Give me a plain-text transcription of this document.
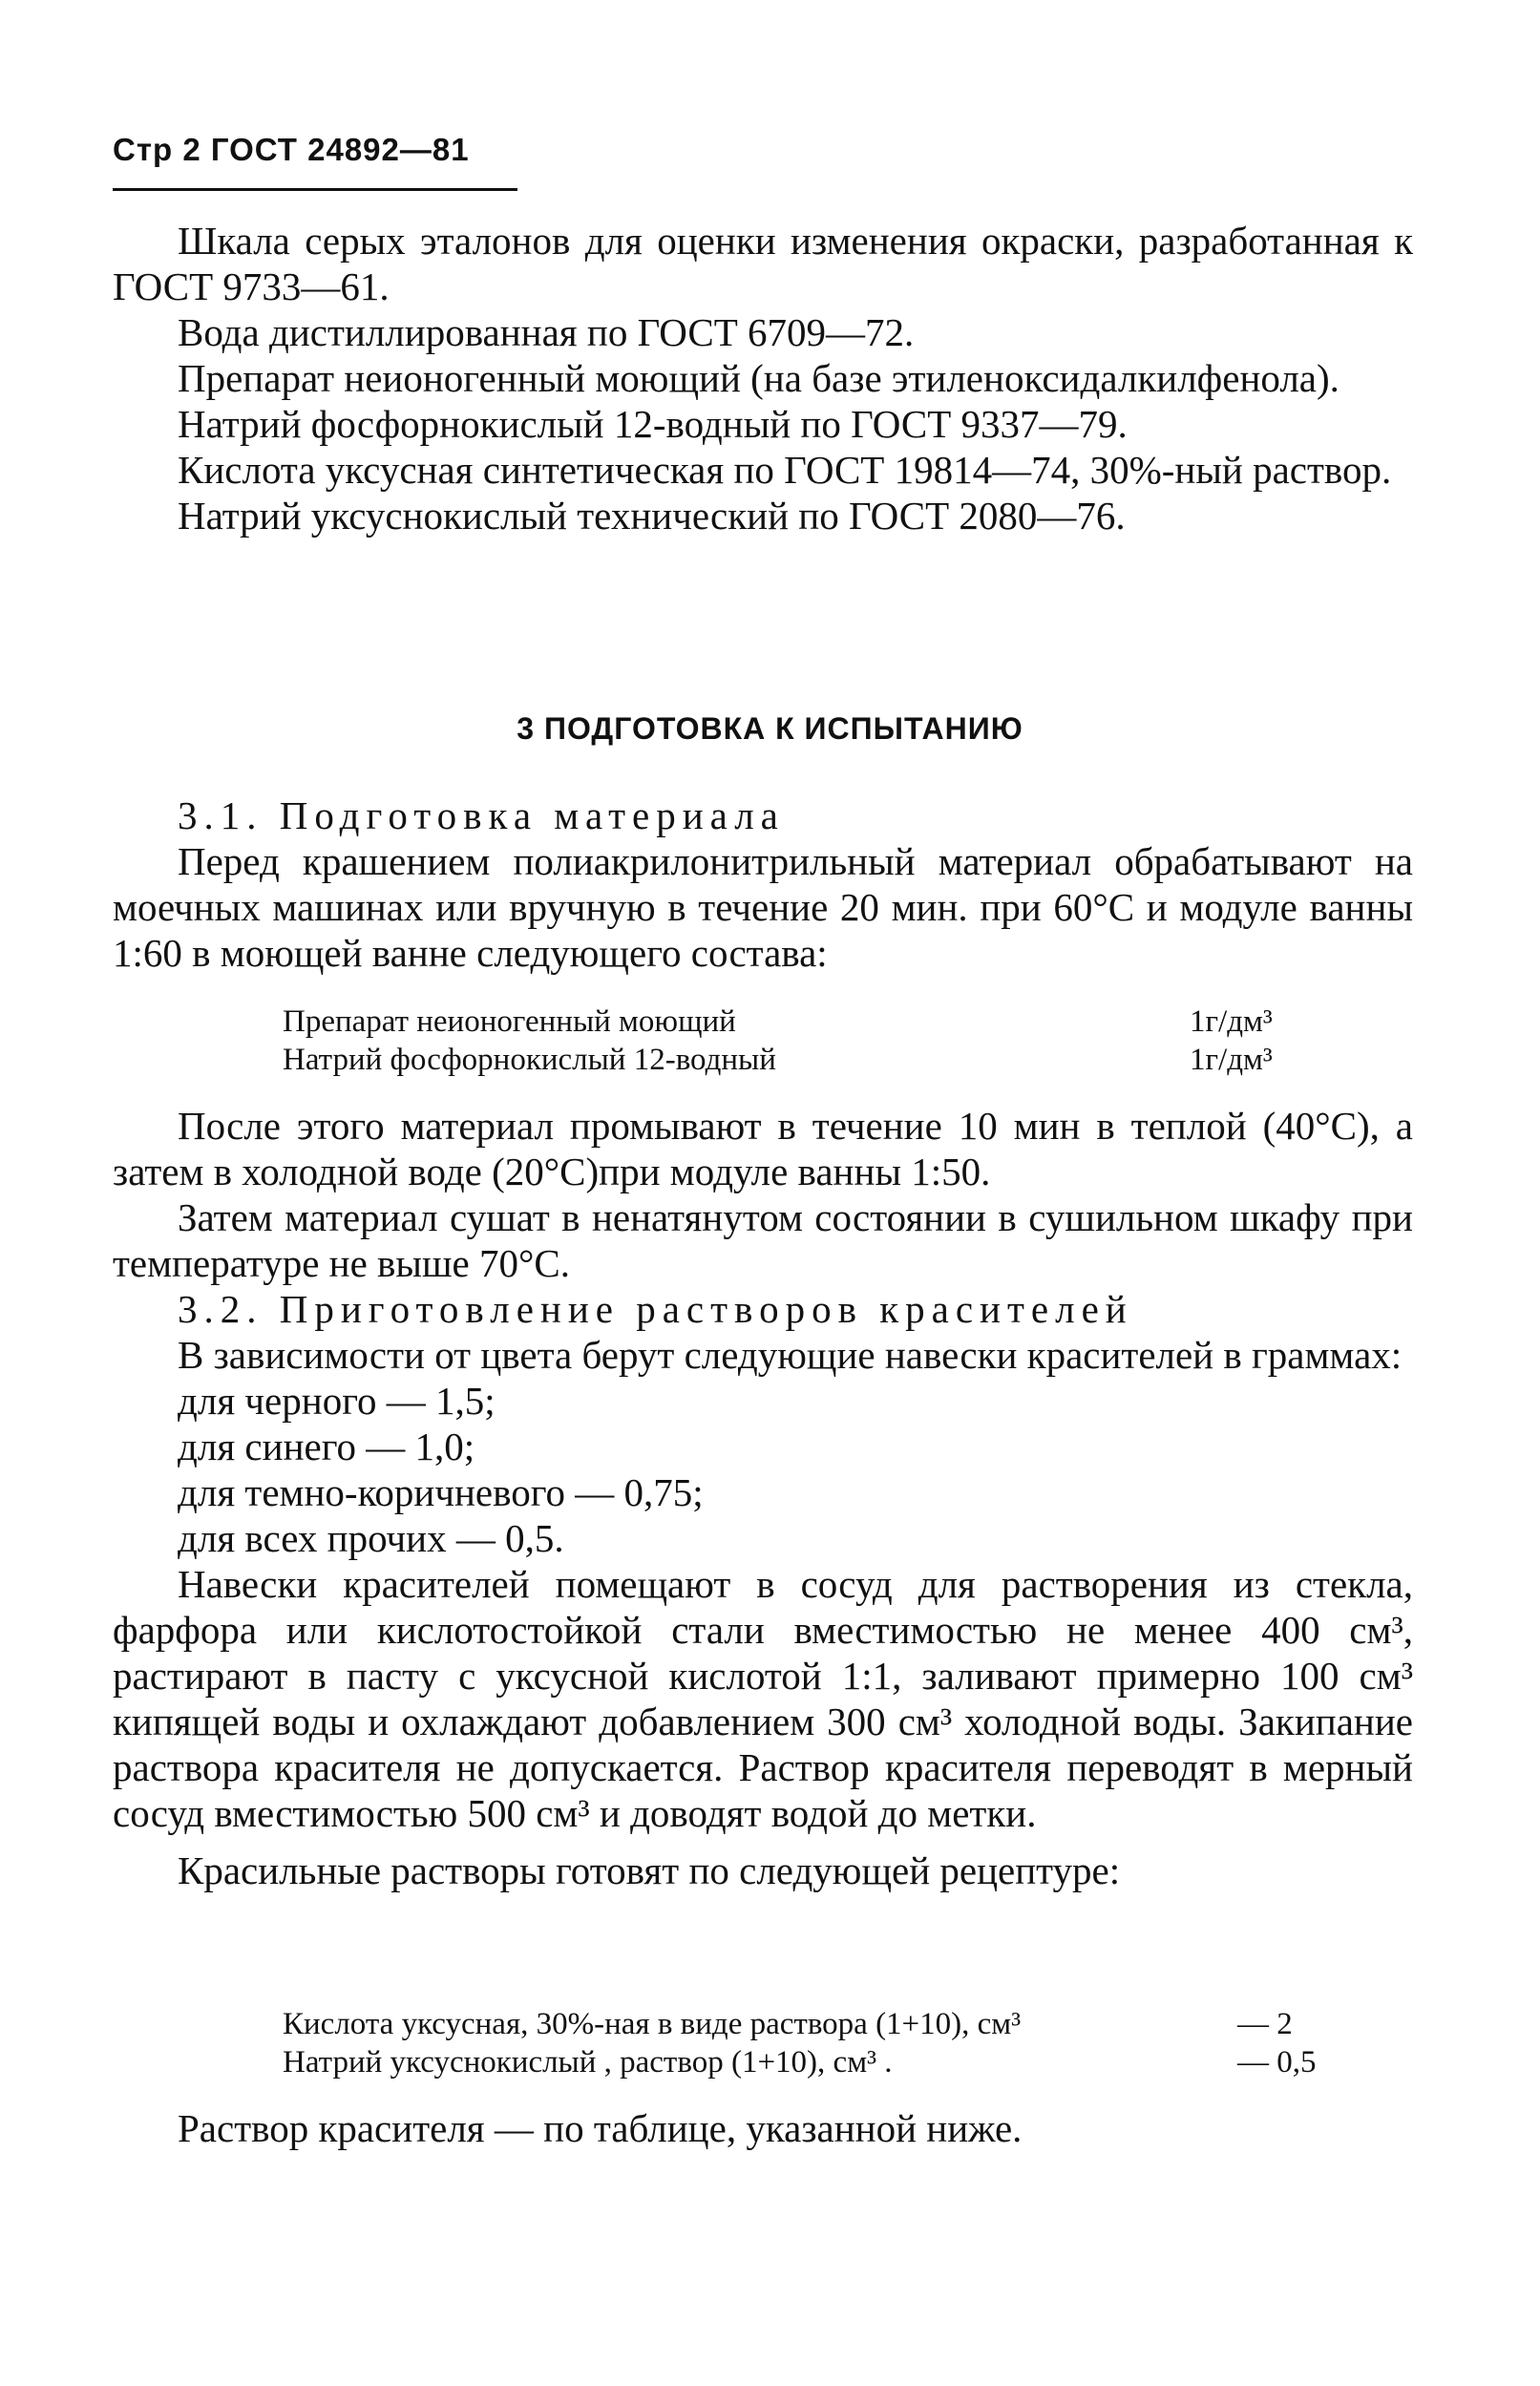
Стр 2 ГОСТ 24892—81

Шкала серых эталонов для оценки изменения окраски, разработанная к ГОСТ 9733—61.

Вода дистиллированная по ГОСТ 6709—72.

Препарат неионогенный моющий (на базе этиленоксидалкилфенола).

Натрий фосфорнокислый 12-водный по ГОСТ 9337—79.

Кислота уксусная синтетическая по ГОСТ 19814—74, 30%-ный раствор.

Натрий уксуснокислый технический по ГОСТ 2080—76.

3 ПОДГОТОВКА К ИСПЫТАНИЮ

3.1. Подготовка материала

Перед крашением полиакрилонитрильный материал обрабатывают на моечных машинах или вручную в течение 20 мин. при 60°C и модуле ванны 1:60 в моющей ванне следующего состава:

Препарат неионогенный моющий	1г/дм³
Натрий фосфорнокислый 12-водный	1г/дм³

После этого материал промывают в течение 10 мин в теплой (40°C), а затем в холодной воде (20°C)при модуле ванны 1:50.

Затем материал сушат в ненатянутом состоянии в сушильном шкафу при температуре не выше 70°C.

3.2. Приготовление растворов красителей

В зависимости от цвета берут следующие навески красителей в граммах:

для черного — 1,5;

для синего — 1,0;

для темно-коричневого — 0,75;

для всех прочих — 0,5.

Навески красителей помещают в сосуд для растворения из стекла, фарфора или кислотостойкой стали вместимостью не менее 400 см³, растирают в пасту с уксусной кислотой 1:1, заливают примерно 100 см³ кипящей воды и охлаждают добавлением 300 см³ холодной воды. Закипание раствора красителя не допускается. Раствор красителя переводят в мерный сосуд вместимостью 500 см³ и доводят водой до метки.

Красильные растворы готовят по следующей рецептуре:

Кислота уксусная, 30%-ная в виде раствора (1+10), см³	— 2
Натрий уксуснокислый , раствор (1+10), см³ .	— 0,5

Раствор красителя — по таблице, указанной ниже.
